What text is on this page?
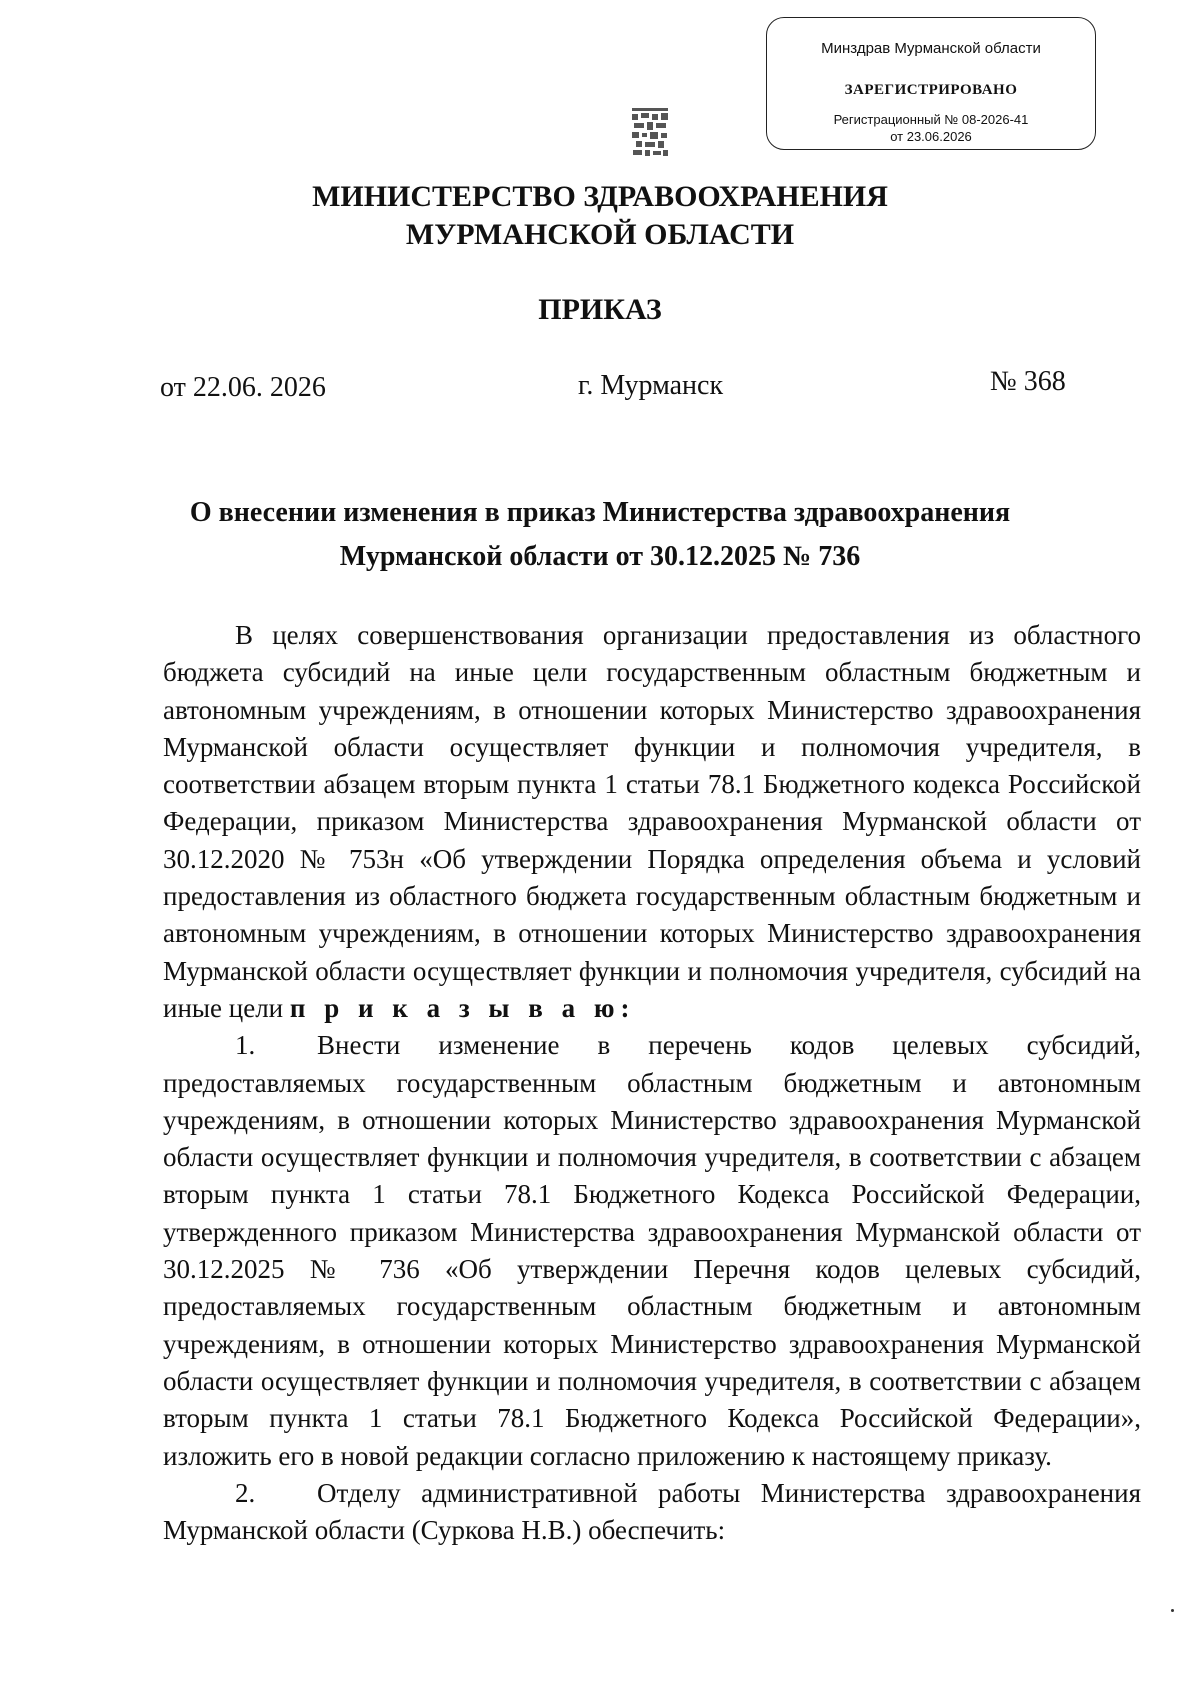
Минздрав Мурманской области
ЗАРЕГИСТРИРОВАНО
Регистрационный № 08-2026-41
от 23.06.2026
МИНИСТЕРСТВО ЗДРАВООХРАНЕНИЯ
МУРМАНСКОЙ ОБЛАСТИ
ПРИКАЗ
от 22.06. 2026	г. Мурманск	№ 368
О внесении изменения в приказ Министерства здравоохранения
Мурманской области от 30.12.2025 № 736

В целях совершенствования организации предоставления из областного бюджета субсидий на иные цели государственным областным бюджетным и автономным учреждениям, в отношении которых Министерство здравоохранения Мурманской области осуществляет функции и полномочия учредителя, в соответствии абзацем вторым пункта 1 статьи 78.1 Бюджетного кодекса Российской Федерации, приказом Министерства здравоохранения Мурманской области от 30.12.2020 № 753н «Об утверждении Порядка определения объема и условий предоставления из областного бюджета государственным областным бюджетным и автономным учреждениям, в отношении которых Министерство здравоохранения Мурманской области осуществляет функции и полномочия учредителя, субсидий на иные цели п р и к а з ы в а ю:

1. Внести изменение в перечень кодов целевых субсидий, предоставляемых государственным областным бюджетным и автономным учреждениям, в отношении которых Министерство здравоохранения Мурманской области осуществляет функции и полномочия учредителя, в соответствии с абзацем вторым пункта 1 статьи 78.1 Бюджетного Кодекса Российской Федерации, утвержденного приказом Министерства здравоохранения Мурманской области от 30.12.2025 № 736 «Об утверждении Перечня кодов целевых субсидий, предоставляемых государственным областным бюджетным и автономным учреждениям, в отношении которых Министерство здравоохранения Мурманской области осуществляет функции и полномочия учредителя, в соответствии с абзацем вторым пункта 1 статьи 78.1 Бюджетного Кодекса Российской Федерации», изложить его в новой редакции согласно приложению к настоящему приказу.

2. Отделу административной работы Министерства здравоохранения Мурманской области (Суркова Н.В.) обеспечить:
